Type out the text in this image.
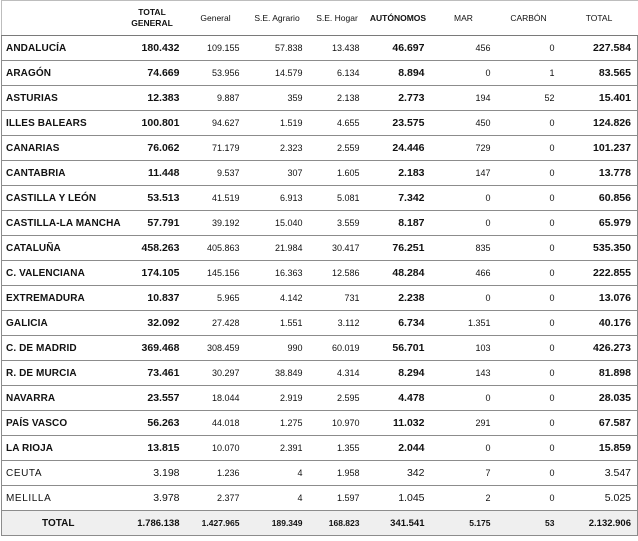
	TOTAL
GENERAL	General	S.E. Agrario	S.E. Hogar	AUTÓNOMOS	MAR	CARBÓN	TOTAL
ANDALUCÍA	180.432	109.155	57.838	13.438	46.697	456	0	227.584
ARAGÓN	74.669	53.956	14.579	6.134	8.894	0	1	83.565
ASTURIAS	12.383	9.887	359	2.138	2.773	194	52	15.401
ILLES BALEARS	100.801	94.627	1.519	4.655	23.575	450	0	124.826
CANARIAS	76.062	71.179	2.323	2.559	24.446	729	0	101.237
CANTABRIA	11.448	9.537	307	1.605	2.183	147	0	13.778
CASTILLA Y LEÓN	53.513	41.519	6.913	5.081	7.342	0	0	60.856
CASTILLA-LA MANCHA	57.791	39.192	15.040	3.559	8.187	0	0	65.979
CATALUÑA	458.263	405.863	21.984	30.417	76.251	835	0	535.350
C. VALENCIANA	174.105	145.156	16.363	12.586	48.284	466	0	222.855
EXTREMADURA	10.837	5.965	4.142	731	2.238	0	0	13.076
GALICIA	32.092	27.428	1.551	3.112	6.734	1.351	0	40.176
C. DE MADRID	369.468	308.459	990	60.019	56.701	103	0	426.273
R. DE MURCIA	73.461	30.297	38.849	4.314	8.294	143	0	81.898
NAVARRA	23.557	18.044	2.919	2.595	4.478	0	0	28.035
PAÍS VASCO	56.263	44.018	1.275	10.970	11.032	291	0	67.587
LA RIOJA	13.815	10.070	2.391	1.355	2.044	0	0	15.859
CEUTA	3.198	1.236	4	1.958	342	7	0	3.547
MELILLA	3.978	2.377	4	1.597	1.045	2	0	5.025
TOTAL	1.786.138	1.427.965	189.349	168.823	341.541	5.175	53	2.132.906
